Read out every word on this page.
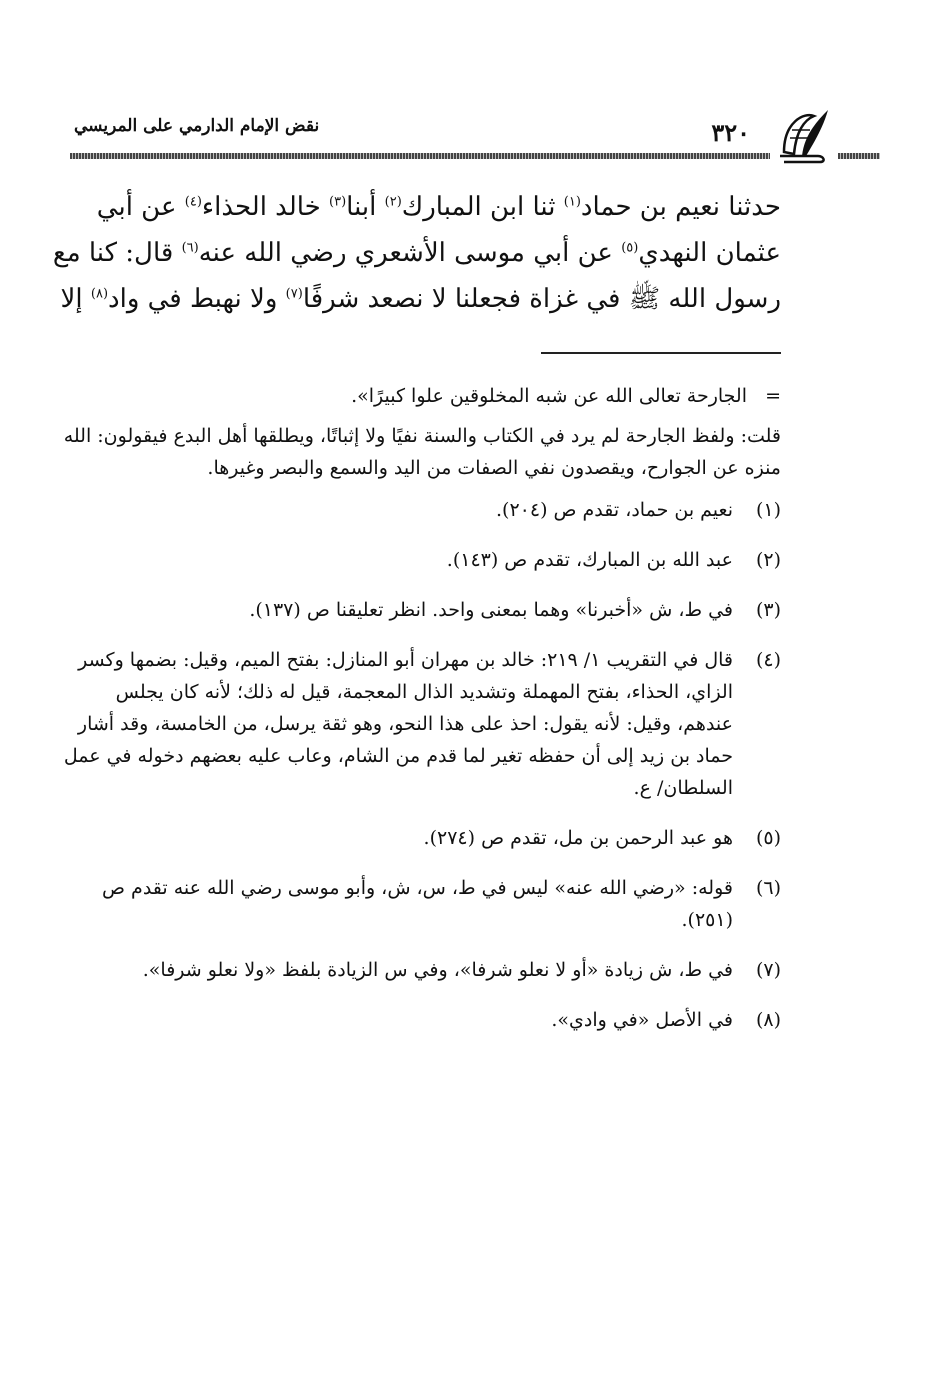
٣٢٠
نقض الإمام الدارمي على المريسي
حدثنا نعيم بن حماد$^{(١)}$ ثنا ابن المبارك$^{(٢)}$ أبنا$^{(٣)}$ خالد الحذاء$^{(٤)}$ عن أبي
عثمان النهدي$^{(٥)}$ عن أبي موسى الأشعري رضي الله عنه$^{(٦)}$ قال: كنا مع
رسول الله ﷺ في غزاة فجعلنا لا نصعد شرفًا$^{(٧)}$ ولا نهبط في واد$^{(٨)}$ إلا
=
الجارحة تعالى الله عن شبه المخلوقين علوا كبيرًا».
قلت: ولفظ الجارحة لم يرد في الكتاب والسنة نفيًا ولا إثباتًا، ويطلقها أهل البدع فيقولون: الله منزه عن الجوارح، ويقصدون نفي الصفات من اليد والسمع والبصر وغيرها.
(١)
نعيم بن حماد، تقدم ص (٢٠٤).
(٢)
عبد الله بن المبارك، تقدم ص (١٤٣).
(٣)
في ط، ش «أخبرنا» وهما بمعنى واحد. انظر تعليقنا ص (١٣٧).
(٤)
قال في التقريب ١/ ٢١٩: خالد بن مهران أبو المنازل: بفتح الميم، وقيل: بضمها وكسر الزاي، الحذاء، بفتح المهملة وتشديد الذال المعجمة، قيل له ذلك؛ لأنه كان يجلس عندهم، وقيل: لأنه يقول: احذ على هذا النحو، وهو ثقة يرسل، من الخامسة، وقد أشار حماد بن زيد إلى أن حفظه تغير لما قدم من الشام، وعاب عليه بعضهم دخوله في عمل السلطان/ ع.
(٥)
هو عبد الرحمن بن مل، تقدم ص (٢٧٤).
(٦)
قوله: «رضي الله عنه» ليس في ط، س، ش، وأبو موسى رضي الله عنه تقدم ص (٢٥١).
(٧)
في ط، ش زيادة «أو لا نعلو شرفا»، وفي س الزيادة بلفظ «ولا نعلو شرفا».
(٨)
في الأصل «في وادي».
